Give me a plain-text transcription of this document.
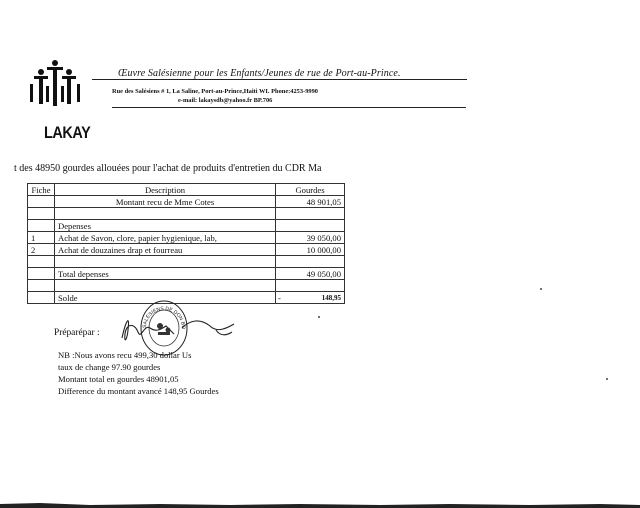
Œuvre Salésienne pour les Enfants/Jeunes de rue de Port-au-Prince.
Rue des Salésiens # 1, La Saline, Port-au-Prince,Haiti WI. Phone:4253-9990
e-mail: lakaysdb@yahoo.fr BP.706
LAKAY
t des 48950 gourdes allouées pour l'achat de produits d'entretien du CDR Ma
Fiche	Description	Gourdes
	Montant recu de Mme Cotes	48 901,05

	Depenses	
1	Achat de Savon, clore, papier hygienique, lab,	39 050,00
2	Achat de douzaines drap et fourreau	10 000,00

	Total depenses	49 050,00

	Solde	- 148,95
Préparépar :
SALÉSIENS DE DON BO
NB :Nous avons recu 499,30 dollar Us
taux de change 97.90 gourdes
Montant total en gourdes 48901,05
Difference du montant avancé 148,95 Gourdes
